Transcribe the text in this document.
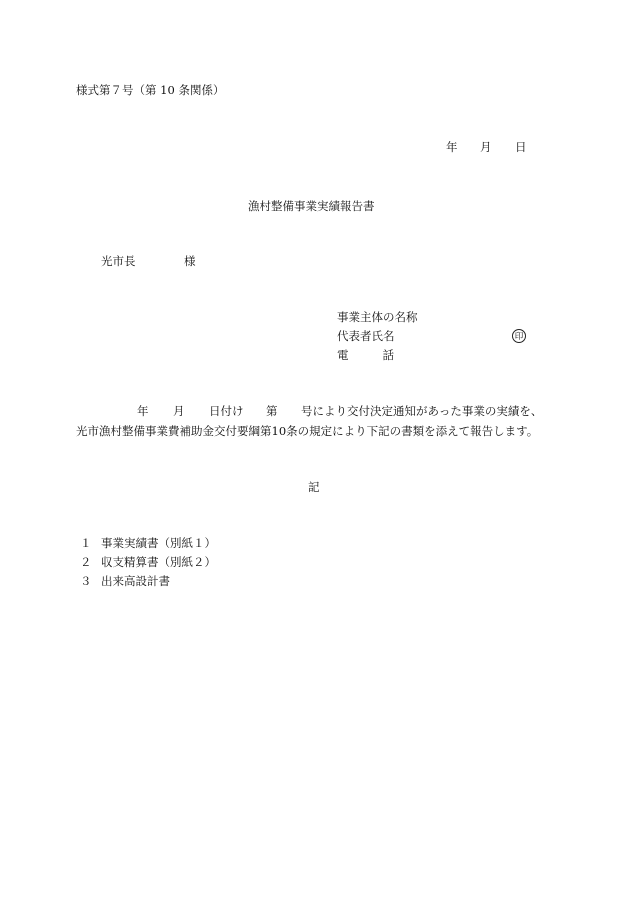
様式第７号（第 10 条関係）
年 月 日
漁村整備事業実績報告書
光市長	様
事業主体の名称
代表者氏名	印
電	話
年 月 日付け 第 号により交付決定通知があった事業の実績を、
光市漁村整備事業費補助金交付要綱第10条の規定により下記の書類を添えて報告します。
記
１ 事業実績書（別紙１）
２ 収支精算書（別紙２）
３ 出来高設計書
